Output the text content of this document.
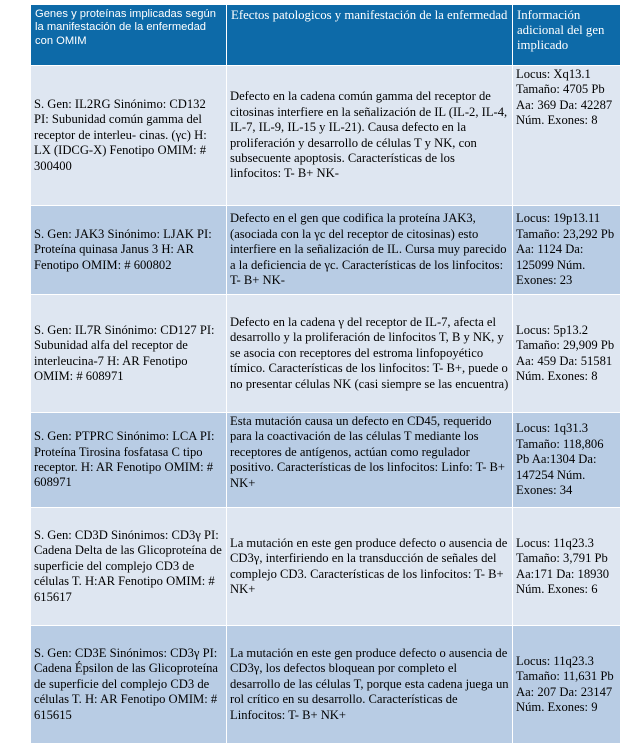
Genes y proteínas implicadas según la manifestación de la enfermedad con OMIM	Efectos patologicos y manifestación de la enfermedad	Información adicional del gen implicado
S. Gen: IL2RG Sinónimo: CD132 PI: Subunidad común gamma del receptor de interleu- cinas. (γc) H: LX (IDCG-X) Fenotipo OMIM: # 300400	Defecto en la cadena común gamma del receptor de citosinas interfiere en la señalización de IL (IL-2, IL-4, IL-7, IL-9, IL-15 y IL-21). Causa defecto en la proliferación y desarrollo de células T y NK, con subsecuente apoptosis. Características de los linfocitos: T- B+ NK-	Locus: Xq13.1 Tamaño: 4705 Pb Aa: 369 Da: 42287 Núm. Exones: 8
S. Gen: JAK3 Sinónimo: LJAK PI: Proteína quinasa Janus 3 H: AR Fenotipo OMIM: # 600802	Defecto en el gen que codifica la proteína JAK3, (asociada con la γc del receptor de citosinas) esto interfiere en la señalización de IL. Cursa muy parecido a la deficiencia de γc. Características de los linfocitos: T- B+ NK-	Locus: 19p13.11 Tamaño: 23,292 Pb Aa: 1124 Da: 125099 Núm. Exones: 23
S. Gen: IL7R Sinónimo: CD127 PI: Subunidad alfa del receptor de interleucina-7 H: AR Fenotipo OMIM: # 608971	Defecto en la cadena γ del receptor de IL-7, afecta el desarrollo y la proliferación de linfocitos T, B y NK, y se asocia con receptores del estroma linfopoyético tímico. Características de los linfocitos: T- B+, puede o no presentar células NK (casi siempre se las encuentra)	Locus: 5p13.2 Tamaño: 29,909 Pb Aa: 459 Da: 51581 Núm. Exones: 8
S. Gen: PTPRC Sinónimo: LCA PI: Proteína Tirosina fosfatasa C tipo receptor. H: AR Fenotipo OMIM: # 608971	Esta mutación causa un defecto en CD45, requerido para la coactivación de las células T mediante los receptores de antígenos, actúan como regulador positivo. Características de los linfocitos: Linfo: T- B+ NK+	Locus: 1q31.3 Tamaño: 118,806 Pb Aa:1304 Da: 147254 Núm. Exones: 34
S. Gen: CD3D Sinónimos: CD3γ PI: Cadena Delta de las Glicoproteína de superficie del complejo CD3 de células T. H:AR Fenotipo OMIM: # 615617	La mutación en este gen produce defecto o ausencia de CD3γ, interfiriendo en la transducción de señales del complejo CD3. Características de los linfocitos: T- B+ NK+	Locus: 11q23.3 Tamaño: 3,791 Pb Aa:171 Da: 18930 Núm. Exones: 6
S. Gen: CD3E Sinónimos: CD3γ PI: Cadena Épsilon de las Glicoproteína de superficie del complejo CD3 de células T. H: AR Fenotipo OMIM: # 615615	La mutación en este gen produce defecto o ausencia de CD3γ, los defectos bloquean por completo el desarrollo de las células T, porque esta cadena juega un rol crítico en su desarrollo. Características de Linfocitos: T- B+ NK+	Locus: 11q23.3 Tamaño: 11,631 Pb Aa: 207 Da: 23147 Núm. Exones: 9
